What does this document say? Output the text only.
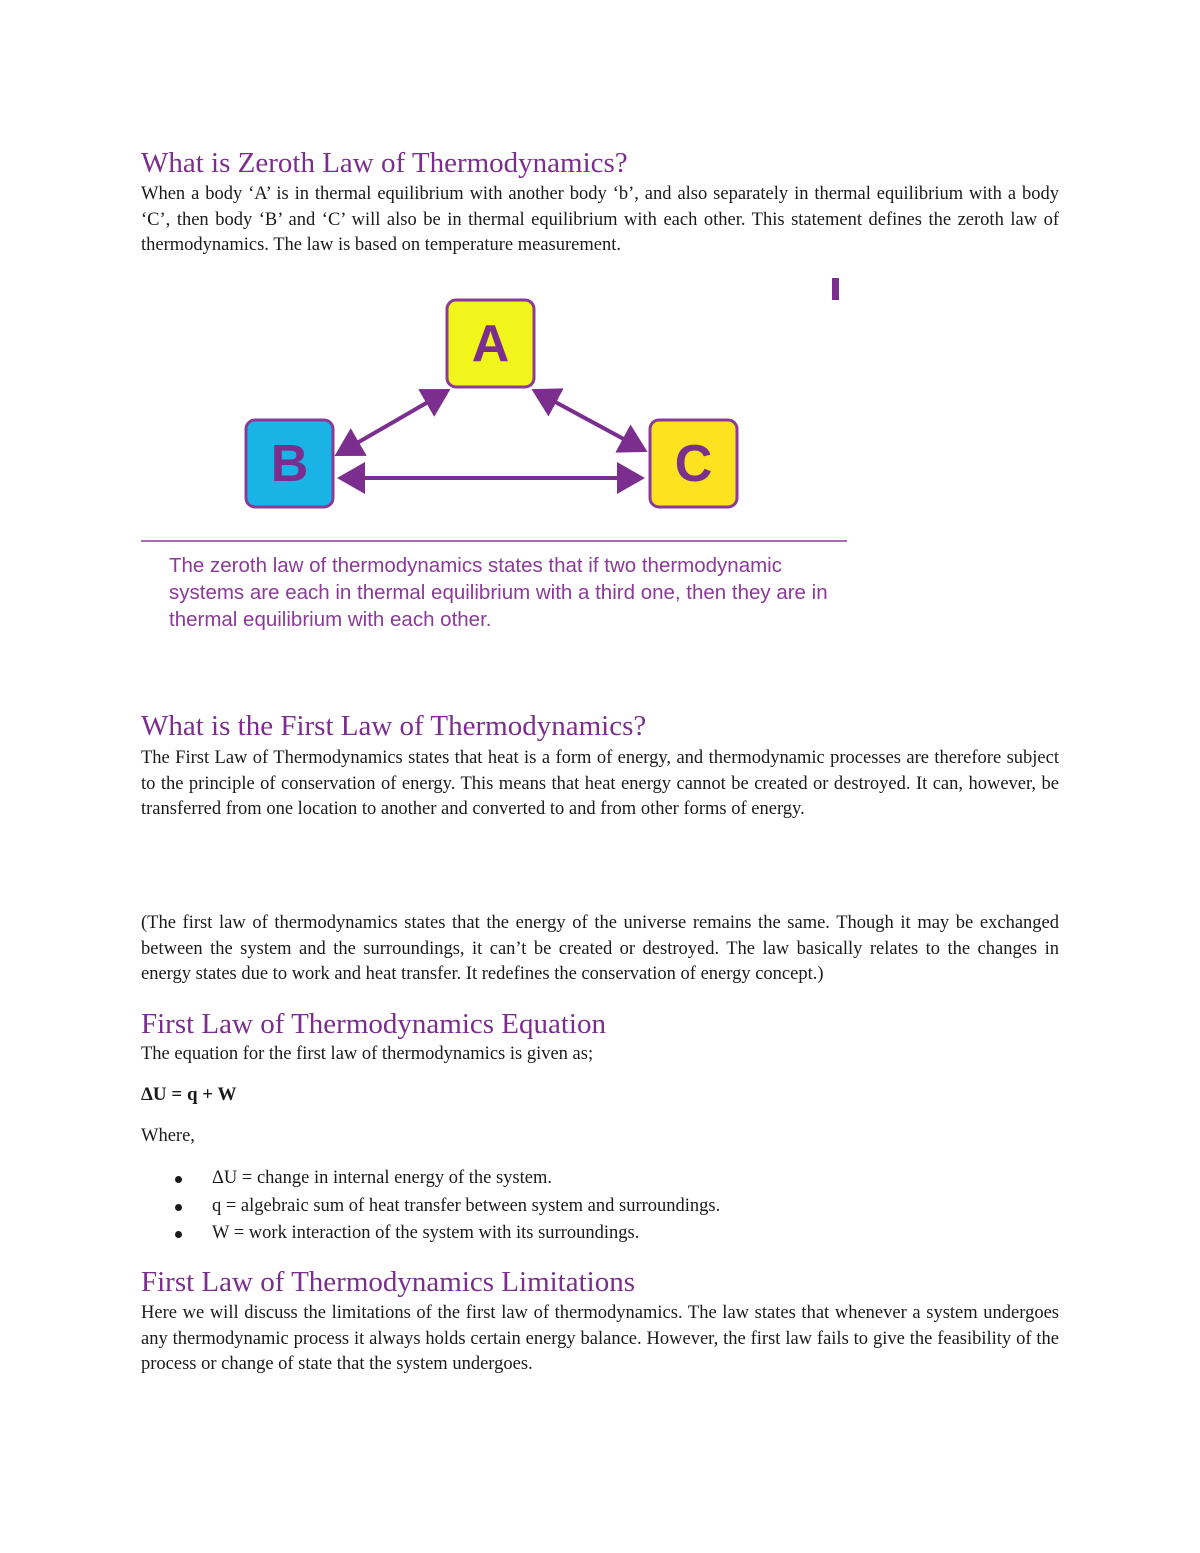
What is Zeroth Law of Thermodynamics?

When a body ‘A’ is in thermal equilibrium with another body ‘b’, and also separately in thermal equilibrium with a body ‘C’, then body ‘B’ and ‘C’ will also be in thermal equilibrium with each other. This statement defines the zeroth law of thermodynamics. The law is based on temperature measurement.

What is the First Law of Thermodynamics?

The First Law of Thermodynamics states that heat is a form of energy, and thermodynamic processes are therefore subject to the principle of conservation of energy. This means that heat energy cannot be created or destroyed. It can, however, be transferred from one location to another and converted to and from other forms of energy.

(The first law of thermodynamics states that the energy of the universe remains the same. Though it may be exchanged between the system and the surroundings, it can’t be created or destroyed. The law basically relates to the changes in energy states due to work and heat transfer. It redefines the conservation of energy concept.)

First Law of Thermodynamics Equation

The equation for the first law of thermodynamics is given as;

ΔU = q + W

Where,

ΔU = change in internal energy of the system.
q = algebraic sum of heat transfer between system and surroundings.
W = work interaction of the system with its surroundings.
First Law of Thermodynamics Limitations

Here we will discuss the limitations of the first law of thermodynamics. The law states that whenever a system undergoes any thermodynamic process it always holds certain energy balance. However, the first law fails to give the feasibility of the process or change of state that the system undergoes.

A
B	C
The zeroth law of thermodynamics states that if two thermodynamic systems are each in thermal equilibrium with a third one, then they are in thermal equilibrium with each other.
